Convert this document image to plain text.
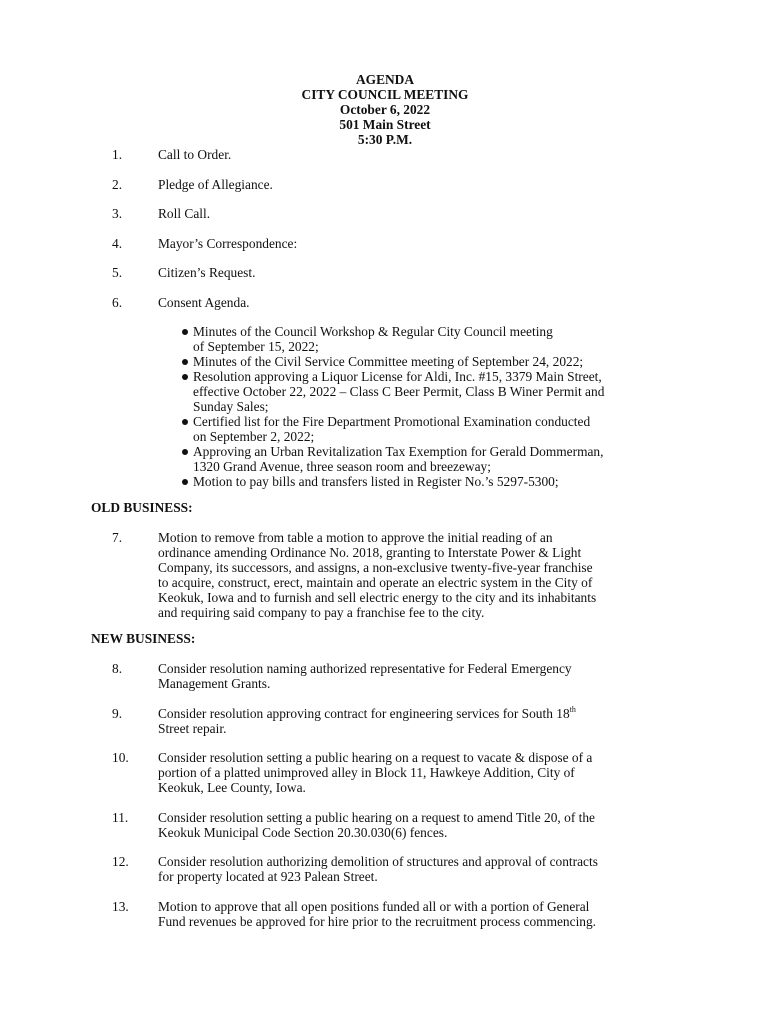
AGENDA
CITY COUNCIL MEETING
October 6, 2022
501 Main Street
5:30 P.M.
1.	Call to Order.
2.	Pledge of Allegiance.
3.	Roll Call.
4.	Mayor’s Correspondence:
5.	Citizen’s Request.
6.	Consent Agenda.
Minutes of the Council Workshop & Regular City Council meeting
of September 15, 2022;
Minutes of the Civil Service Committee meeting of September 24, 2022;
Resolution approving a Liquor License for Aldi, Inc. #15, 3379 Main Street,
effective October 22, 2022 – Class C Beer Permit, Class B Winer Permit and
Sunday Sales;
Certified list for the Fire Department Promotional Examination conducted
on September 2, 2022;
Approving an Urban Revitalization Tax Exemption for Gerald Dommerman,
1320 Grand Avenue, three season room and breezeway;
Motion to pay bills and transfers listed in Register No.’s 5297-5300;
OLD BUSINESS:
7.	Motion to remove from table a motion to approve the initial reading of an
ordinance amending Ordinance No. 2018, granting to Interstate Power & Light
Company, its successors, and assigns, a non-exclusive twenty-five-year franchise
to acquire, construct, erect, maintain and operate an electric system in the City of
Keokuk, Iowa and to furnish and sell electric energy to the city and its inhabitants
and requiring said company to pay a franchise fee to the city.
NEW BUSINESS:
8.	Consider resolution naming authorized representative for Federal Emergency
Management Grants.
9.	Consider resolution approving contract for engineering services for South 18th
Street repair.
10. Consider resolution setting a public hearing on a request to vacate & dispose of a
portion of a platted unimproved alley in Block 11, Hawkeye Addition, City of
Keokuk, Lee County, Iowa.
11. Consider resolution setting a public hearing on a request to amend Title 20, of the
Keokuk Municipal Code Section 20.30.030(6) fences.
12. Consider resolution authorizing demolition of structures and approval of contracts
for property located at 923 Palean Street.
13. Motion to approve that all open positions funded all or with a portion of General
Fund revenues be approved for hire prior to the recruitment process commencing.
